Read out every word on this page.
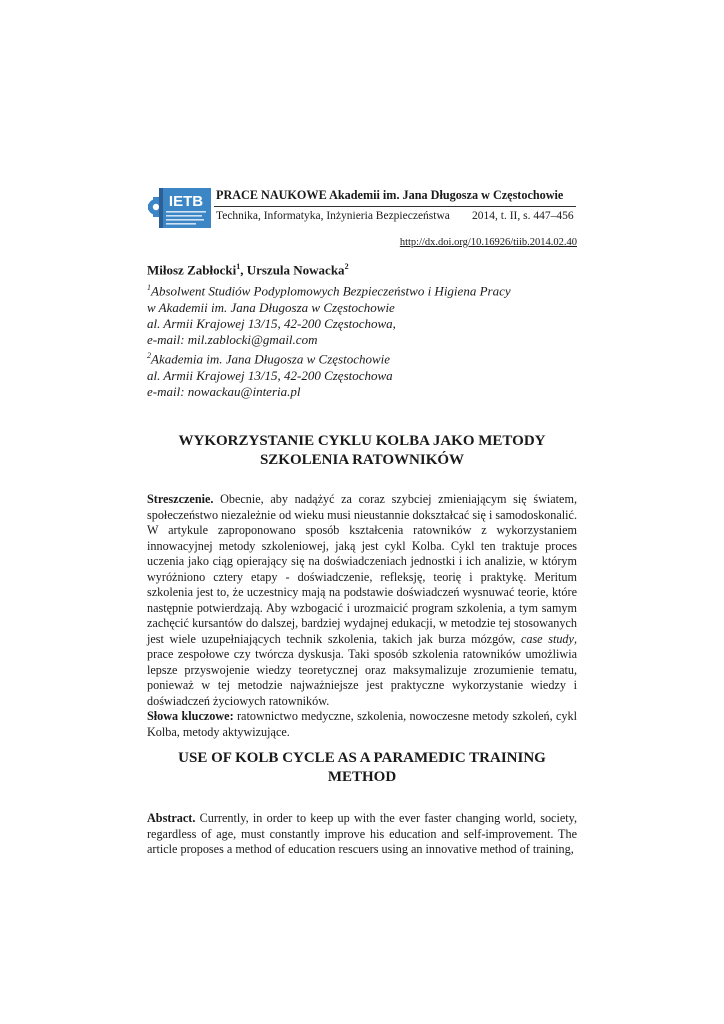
IETB PRACE NAUKOWE Akademii im. Jana Długosza w Częstochowie
Technika, Informatyka, Inżynieria Bezpieczeństwa 2014, t. II, s. 447–456
http://dx.doi.org/10.16926/tiib.2014.02.40
Miłosz Zabłocki$^1$, Urszula Nowacka$^2$
$^1$Absolwent Studiów Podyplomowych Bezpieczeństwo i Higiena Pracy
w Akademii im. Jana Długosza w Częstochowie
al. Armii Krajowej 13/15, 42-200 Częstochowa,
e-mail: mil.zablocki@gmail.com
$^2$Akademia im. Jana Długosza w Częstochowie
al. Armii Krajowej 13/15, 42-200 Częstochowa
e-mail: nowackau@interia.pl
WYKORZYSTANIE CYKLU KOLBA JAKO METODY
SZKOLENIA RATOWNIKÓW
Streszczenie. Obecnie, aby nadążyć za coraz szybciej zmieniającym się światem, społeczeństwo niezależnie od wieku musi nieustannie dokształcać się i samodoskonalić. W artykule zaproponowano sposób kształcenia ratowników z wykorzystaniem innowacyjnej metody szkoleniowej, jaką jest cykl Kolba. Cykl ten traktuje proces uczenia jako ciąg opierający się na doświadczeniach jednostki i ich analizie, w którym wyróżniono cztery etapy - doświadczenie, refleksję, teorię i praktykę. Meritum szkolenia jest to, że uczestnicy mają na podstawie doświadczeń wysnuwać teorie, które następnie potwierdzają. Aby wzbogacić i urozmaicić program szkolenia, a tym samym zachęcić kursantów do dalszej, bardziej wydajnej edukacji, w metodzie tej stosowanych jest wiele uzupełniających technik szkolenia, takich jak burza mózgów, case study, prace zespołowe czy twórcza dyskusja. Taki sposób szkolenia ratowników umożliwia lepsze przyswojenie wiedzy teoretycznej oraz maksymalizuje zrozumienie tematu, ponieważ w tej metodzie najważniejsze jest praktyczne wykorzystanie wiedzy i doświadczeń życiowych ratowników.
Słowa kluczowe: ratownictwo medyczne, szkolenia, nowoczesne metody szkoleń, cykl Kolba, metody aktywizujące.
USE OF KOLB CYCLE AS A PARAMEDIC TRAINING
METHOD
Abstract. Currently, in order to keep up with the ever faster changing world, society, regardless of age, must constantly improve his education and self-improvement. The article proposes a method of education rescuers using an innovative method of training,
